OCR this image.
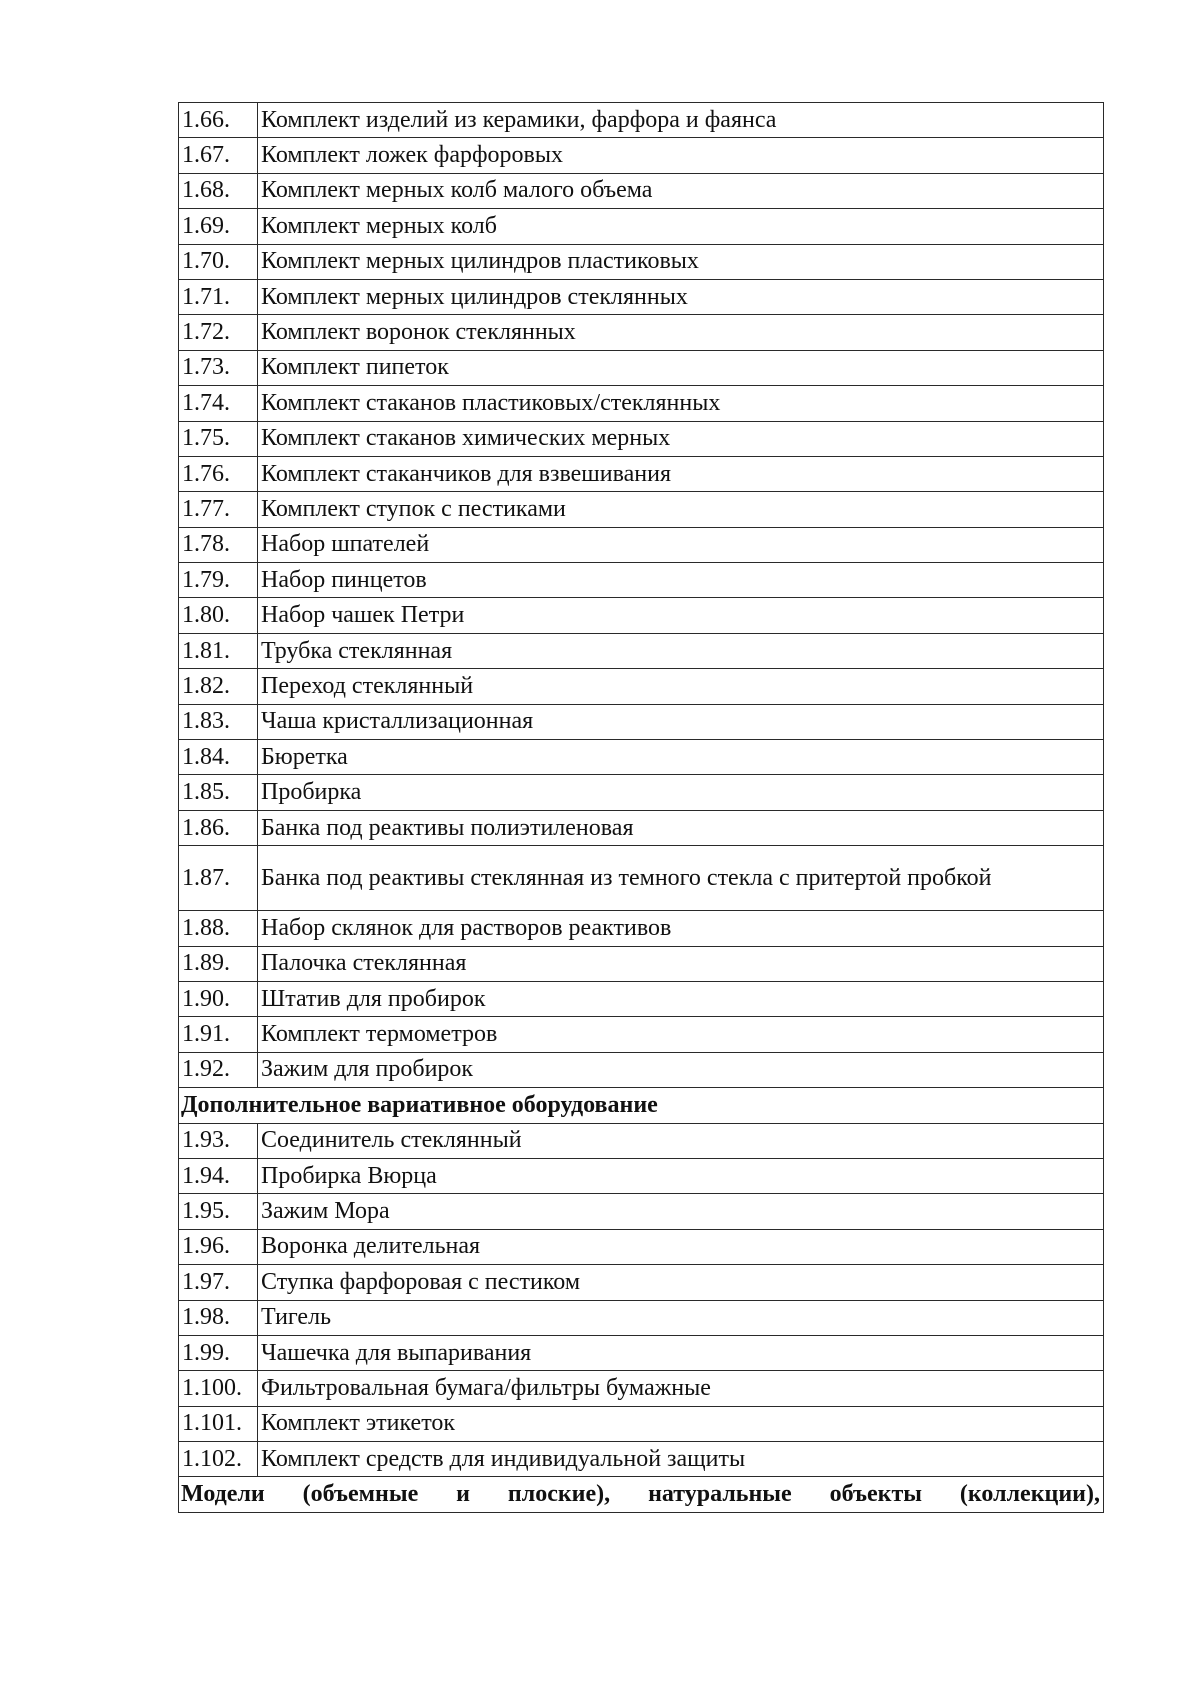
1.66.	Комплект изделий из керамики, фарфора и фаянса
1.67.	Комплект ложек фарфоровых
1.68.	Комплект мерных колб малого объема
1.69.	Комплект мерных колб
1.70.	Комплект мерных цилиндров пластиковых
1.71.	Комплект мерных цилиндров стеклянных
1.72.	Комплект воронок стеклянных
1.73.	Комплект пипеток
1.74.	Комплект стаканов пластиковых/стеклянных
1.75.	Комплект стаканов химических мерных
1.76.	Комплект стаканчиков для взвешивания
1.77.	Комплект ступок с пестиками
1.78.	Набор шпателей
1.79.	Набор пинцетов
1.80.	Набор чашек Петри
1.81.	Трубка стеклянная
1.82.	Переход стеклянный
1.83.	Чаша кристаллизационная
1.84.	Бюретка
1.85.	Пробирка
1.86.	Банка под реактивы полиэтиленовая
1.87.	Банка под реактивы стеклянная из темного стекла с притертой пробкой
1.88.	Набор склянок для растворов реактивов
1.89.	Палочка стеклянная
1.90.	Штатив для пробирок
1.91.	Комплект термометров
1.92.	Зажим для пробирок
Дополнительное вариативное оборудование	
1.93.	Соединитель стеклянный
1.94.	Пробирка Вюрца
1.95.	Зажим Мора
1.96.	Воронка делительная
1.97.	Ступка фарфоровая с пестиком
1.98.	Тигель
1.99.	Чашечка для выпаривания
1.100.	Фильтровальная бумага/фильтры бумажные
1.101.	Комплект этикеток
1.102.	Комплект средств для индивидуальной защиты
Модели (объемные и плоские), натуральные объекты (коллекции),	
